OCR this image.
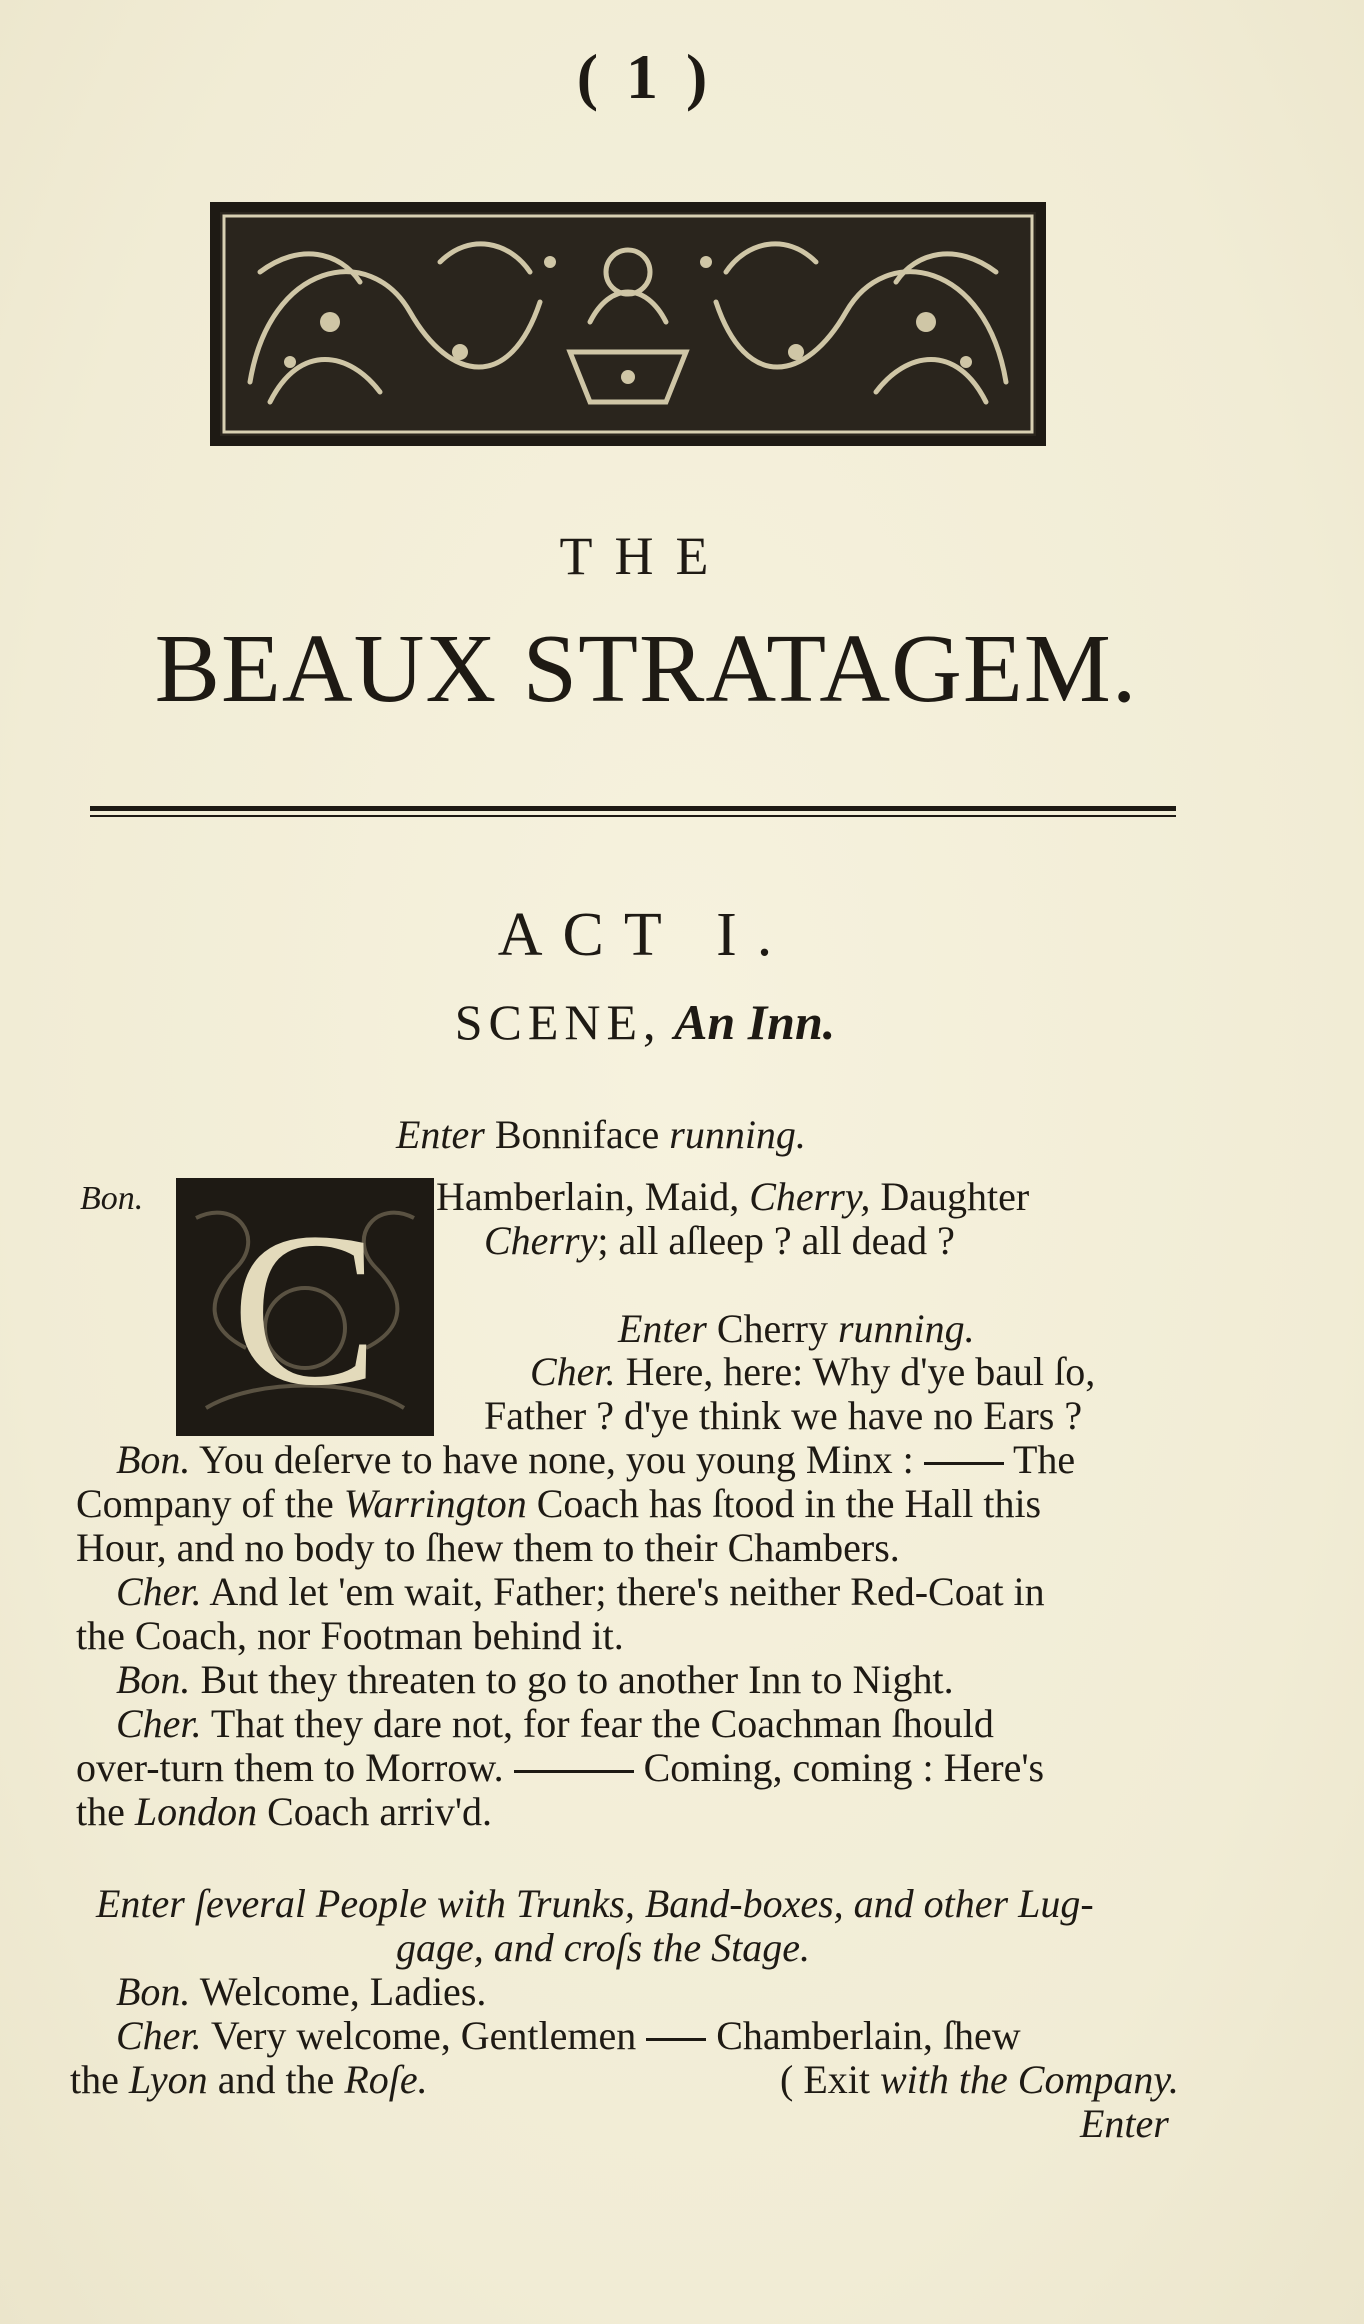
( 1 )
THE
BEAUX STRATAGEM.
ACT I.
SCENE, An Inn.
Enter Bonniface running.
Bon. C Hamberlain, Maid, Cherry, Daughter
Cherry; all aſleep ? all dead ?
Enter Cherry running.
Cher. Here, here: Why d'ye baul ſo,
Father ? d'ye think we have no Ears ?
Bon. You deſerve to have none, you young Minx : The
Company of the Warrington Coach has ſtood in the Hall this
Hour, and no body to ſhew them to their Chambers.
Cher. And let 'em wait, Father; there's neither Red-Coat in
the Coach, nor Footman behind it.
Bon. But they threaten to go to another Inn to Night.
Cher. That they dare not, for fear the Coachman ſhould
over-turn them to Morrow.	Coming, coming : Here's
the London Coach arriv'd.
Enter ſeveral People with Trunks, Band-boxes, and other Lug-
gage, and croſs the Stage.
Bon. Welcome, Ladies.
Cher. Very welcome, Gentlemen Chamberlain, ſhew
the Lyon and the Roſe.	( Exit with the Company.
Enter
